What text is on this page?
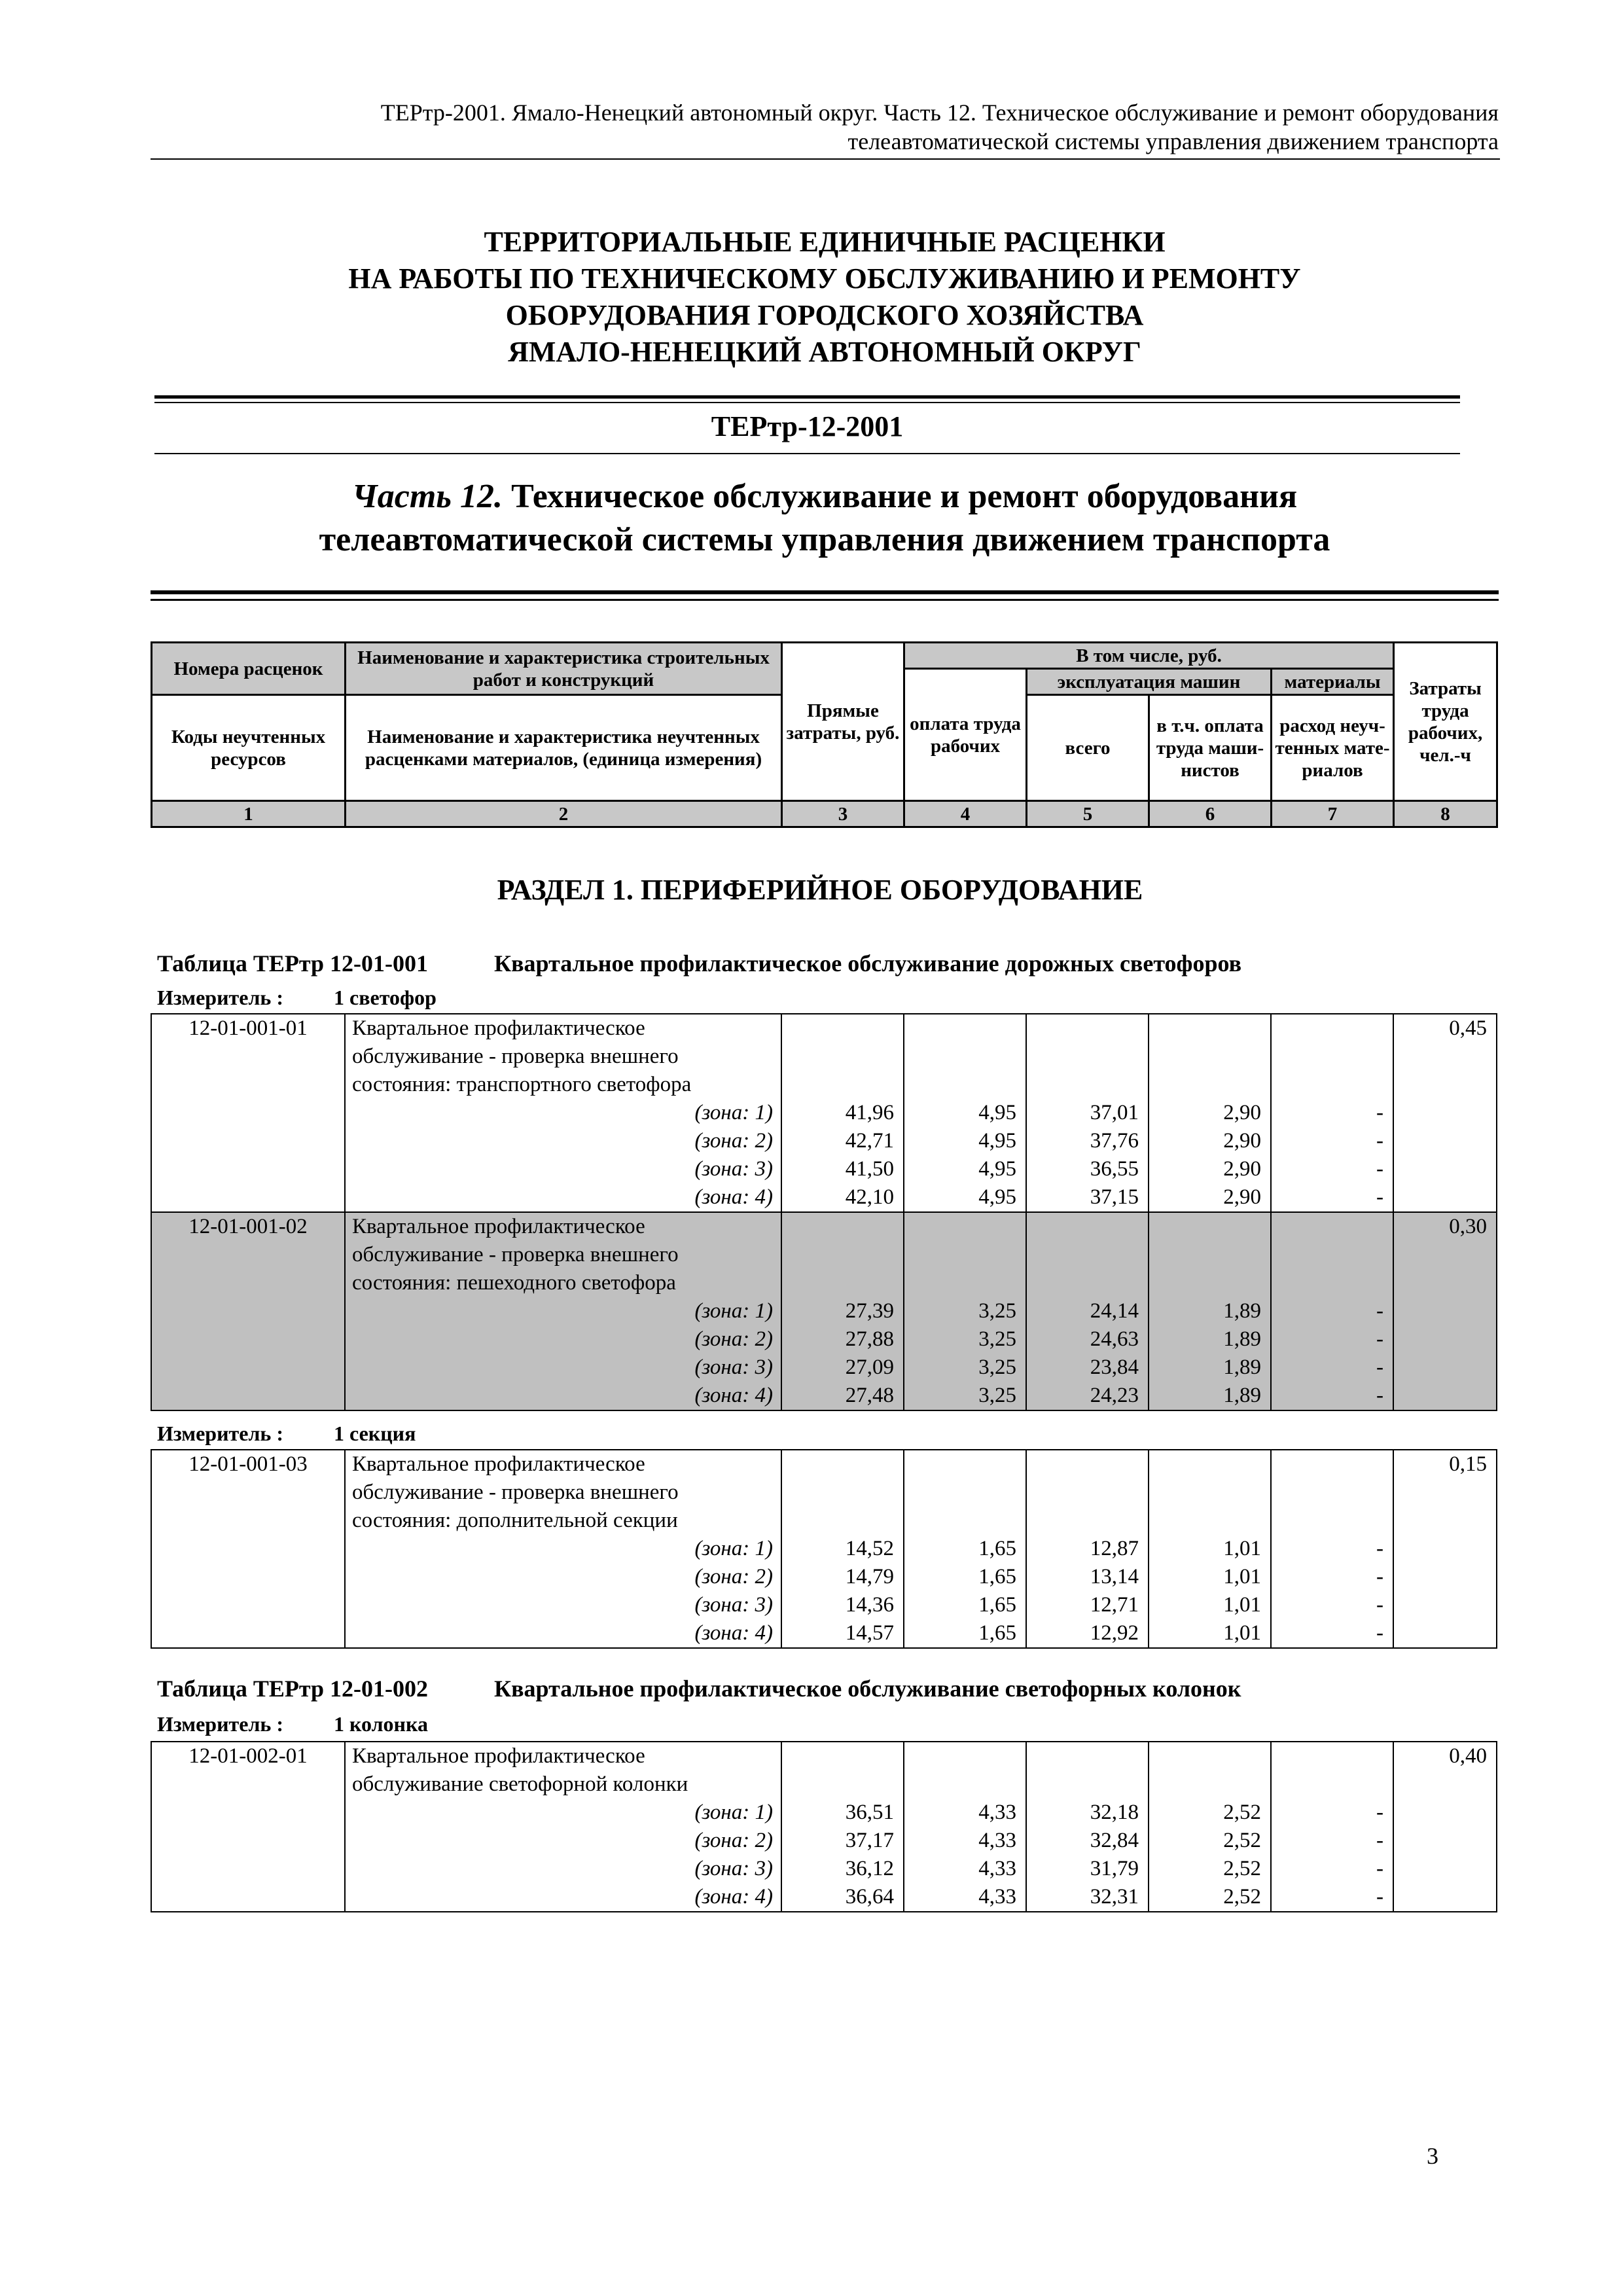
ТЕРтр-2001. Ямало-Ненецкий автономный округ. Часть 12. Техническое обслуживание и ремонт оборудования
телеавтоматической системы управления движением транспорта
ТЕРРИТОРИАЛЬНЫЕ ЕДИНИЧНЫЕ РАСЦЕНКИ
НА РАБОТЫ ПО ТЕХНИЧЕСКОМУ ОБСЛУЖИВАНИЮ И РЕМОНТУ
ОБОРУДОВАНИЯ ГОРОДСКОГО ХОЗЯЙСТВА
ЯМАЛО-НЕНЕЦКИЙ АВТОНОМНЫЙ ОКРУГ
ТЕРтр-12-2001
Часть 12. Техническое обслуживание и ремонт оборудования
телеавтоматической системы управления движением транспорта
Номера расценок	Наименование и характеристика строительных работ и конструкций	Прямые затраты, руб.	В том числе, руб.				Затраты труда рабочих, чел.-ч
			оплата труда рабочих	эксплуатация машин		материалы	
Коды неучтенных ресурсов	Наименование и характеристика неучтенных расценками материалов, (единица измерения)			всего	в т.ч. оплата труда маши-нистов	расход неуч-тенных мате-риалов	

1	2	3	4	5	6	7	8
РАЗДЕЛ 1. ПЕРИФЕРИЙНОЕ ОБОРУДОВАНИЕ
Таблица ТЕРтр 12-01-001	Квартальное профилактическое обслуживание дорожных светофоров
Измеритель : 1 светофор
12-01-001-01	Квартальное профилактическое						0,45
	обслуживание - проверка внешнего						
	состояния: транспортного светофора						
	(зона: 1)	41,96	4,95	37,01	2,90	-	
	(зона: 2)	42,71	4,95	37,76	2,90	-	
	(зона: 3)	41,50	4,95	36,55	2,90	-	
	(зона: 4)	42,10	4,95	37,15	2,90	-	
12-01-001-02	Квартальное профилактическое						0,30
	обслуживание - проверка внешнего						
	состояния: пешеходного светофора						
	(зона: 1)	27,39	3,25	24,14	1,89	-	
	(зона: 2)	27,88	3,25	24,63	1,89	-	
	(зона: 3)	27,09	3,25	23,84	1,89	-	
	(зона: 4)	27,48	3,25	24,23	1,89	-	
Измеритель : 1 секция
12-01-001-03	Квартальное профилактическое						0,15
	обслуживание - проверка внешнего						
	состояния: дополнительной секции						
	(зона: 1)	14,52	1,65	12,87	1,01	-	
	(зона: 2)	14,79	1,65	13,14	1,01	-	
	(зона: 3)	14,36	1,65	12,71	1,01	-	
	(зона: 4)	14,57	1,65	12,92	1,01	-	
Таблица ТЕРтр 12-01-002	Квартальное профилактическое обслуживание светофорных колонок
Измеритель : 1 колонка
12-01-002-01	Квартальное профилактическое						0,40
	обслуживание светофорной колонки						
	(зона: 1)	36,51	4,33	32,18	2,52	-	
	(зона: 2)	37,17	4,33	32,84	2,52	-	
	(зона: 3)	36,12	4,33	31,79	2,52	-	
	(зона: 4)	36,64	4,33	32,31	2,52	-	
3
